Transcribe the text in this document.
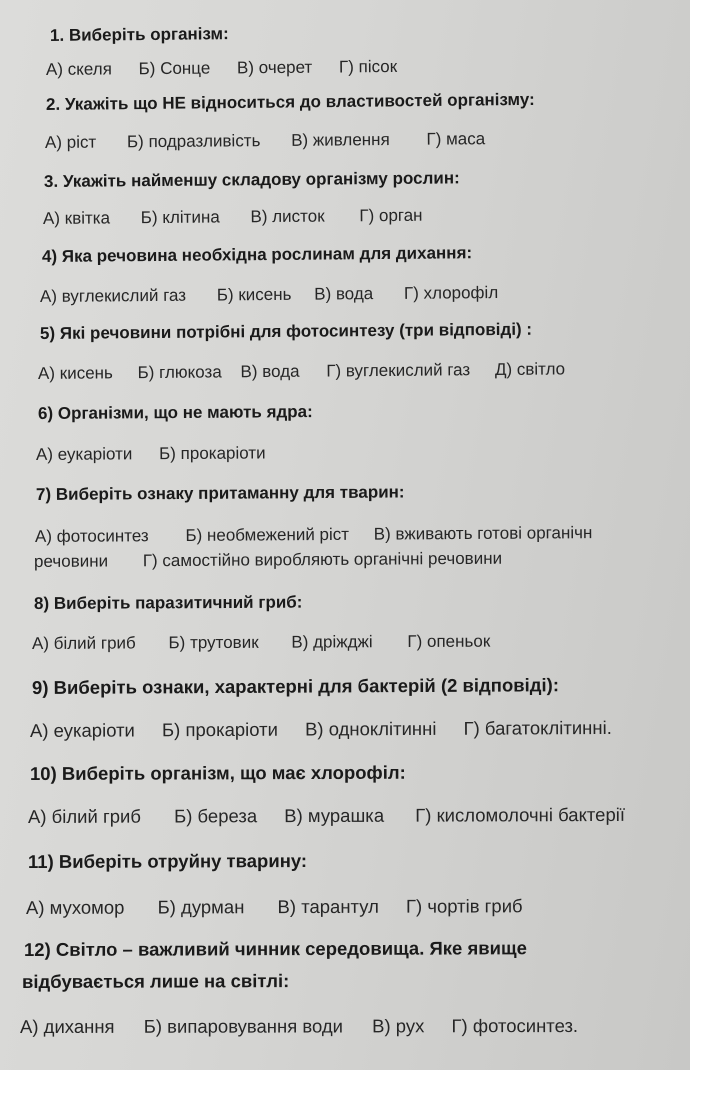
1. Виберіть організм:
А) скеля Б) Сонце В) очерет Г) пісок
2. Укажіть що НЕ відноситься до властивостей організму:
А) ріст Б) подразливість В) живлення Г) маса
3. Укажіть найменшу складову організму рослин:
А) квітка Б) клітина В) листок Г) орган
4) Яка речовина необхідна рослинам для дихання:
А) вуглекислий газ Б) кисень В) вода Г) хлорофіл
5) Які речовини потрібні для фотосинтезу (три відповіді) :
А) кисень Б) глюкоза В) вода Г) вуглекислий газ Д) світло
6) Організми, що не мають ядра:
А) еукаріоти Б) прокаріоти
7) Виберіть ознаку притаманну для тварин:
А) фотосинтез Б) необмежений ріст В) вживають готові органічн
речовини Г) самостійно виробляють органічні речовини
8) Виберіть паразитичний гриб:
А) білий гриб Б) трутовик В) дріжджі Г) опеньок
9) Виберіть ознаки, характерні для бактерій (2 відповіді):
А) еукаріоти Б) прокаріоти В) одноклітинні Г) багатоклітинні.
10) Виберіть організм, що має хлорофіл:
А) білий гриб Б) береза В) мурашка Г) кисломолочні бактерії
11) Виберіть отруйну тварину:
А) мухомор Б) дурман В) тарантул Г) чортів гриб
12) Світло – важливий чинник середовища. Яке явище
відбувається лише на світлі:
А) дихання Б) випаровування води В) рух Г) фотосинтез.
